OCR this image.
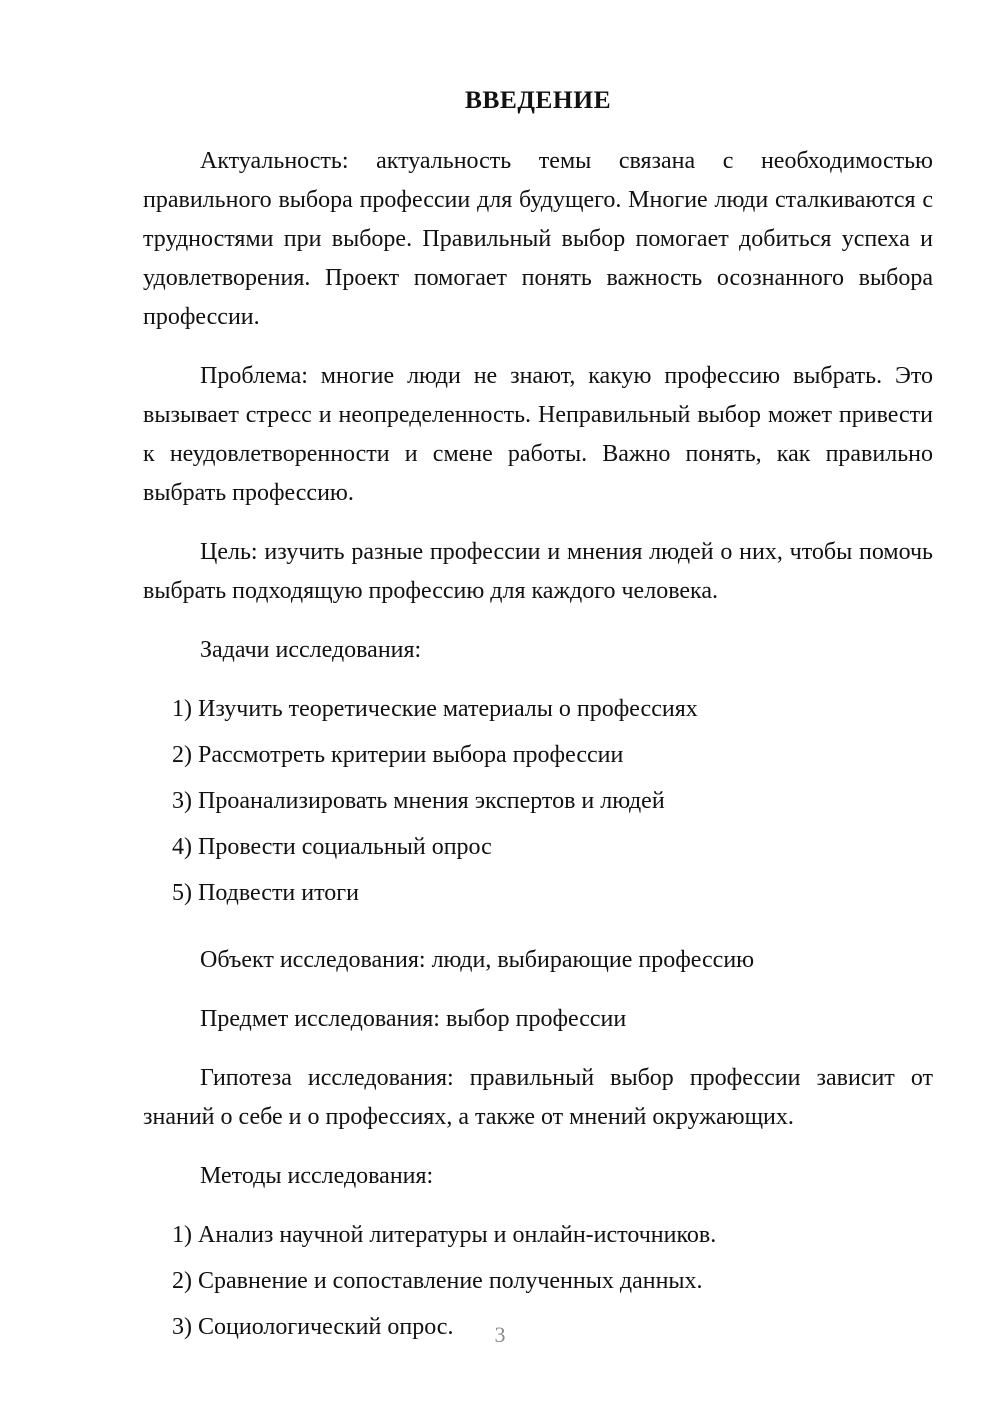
ВВЕДЕНИЕ

Актуальность: актуальность темы связана с необходимостью правильного выбора профессии для будущего. Многие люди сталкиваются с трудностями при выборе. Правильный выбор помогает добиться успеха и удовлетворения. Проект помогает понять важность осознанного выбора профессии.

Проблема: многие люди не знают, какую профессию выбрать. Это вызывает стресс и неопределенность. Неправильный выбор может привести к неудовлетворенности и смене работы. Важно понять, как правильно выбрать профессию.

Цель: изучить разные профессии и мнения людей о них, чтобы помочь выбрать подходящую профессию для каждого человека.

Задачи исследования:

1) Изучить теоретические материалы о профессиях

2) Рассмотреть критерии выбора профессии

3) Проанализировать мнения экспертов и людей

4) Провести социальный опрос

5) Подвести итоги

Объект исследования: люди, выбирающие профессию

Предмет исследования: выбор профессии

Гипотеза исследования: правильный выбор профессии зависит от знаний о себе и о профессиях, а также от мнений окружающих.

Методы исследования:

1) Анализ научной литературы и онлайн-источников.

2) Сравнение и сопоставление полученных данных.

3) Социологический опрос.	3
